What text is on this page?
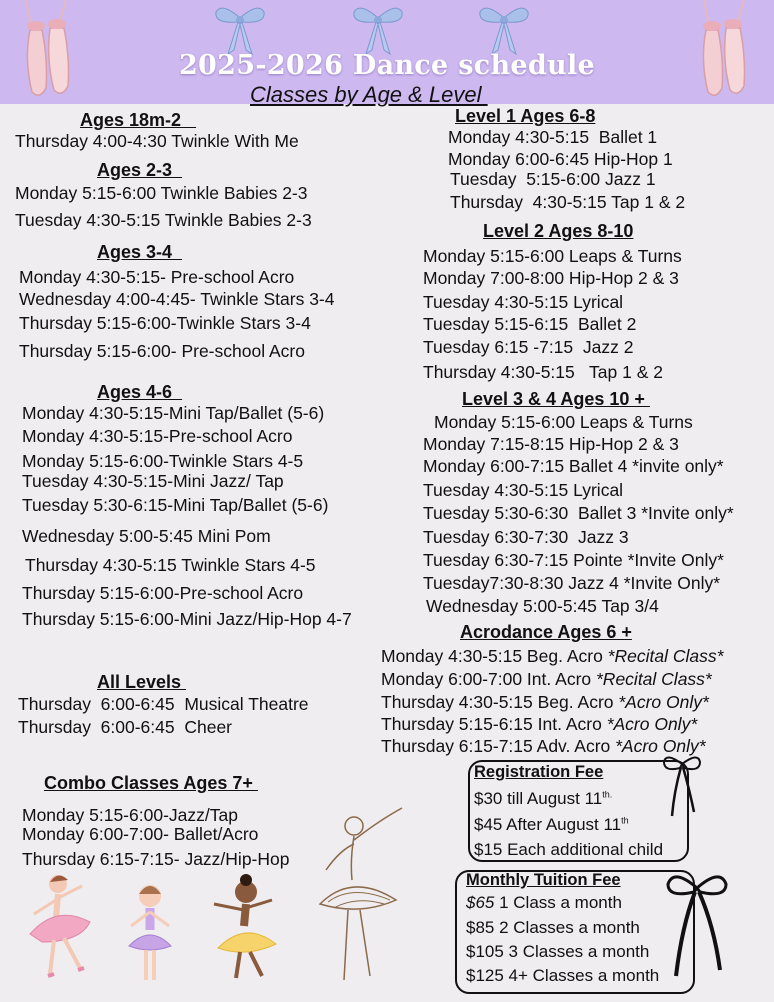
2025-2026 Dance schedule
Classes by Age & Level
Ages 18m-2
Thursday 4:00-4:30 Twinkle With Me
Ages 2-3
Monday 5:15-6:00 Twinkle Babies 2-3
Tuesday 4:30-5:15 Twinkle Babies 2-3
Ages 3-4
Monday 4:30-5:15- Pre-school Acro
Wednesday 4:00-4:45- Twinkle Stars 3-4
Thursday 5:15-6:00-Twinkle Stars 3-4
Thursday 5:15-6:00- Pre-school Acro
Ages 4-6
Monday 4:30-5:15-Mini Tap/Ballet (5-6)
Monday 4:30-5:15-Pre-school Acro
Monday 5:15-6:00-Twinkle Stars 4-5
Tuesday 4:30-5:15-Mini Jazz/ Tap
Tuesday 5:30-6:15-Mini Tap/Ballet (5-6)
Wednesday 5:00-5:45 Mini Pom
Thursday 4:30-5:15 Twinkle Stars 4-5
Thursday 5:15-6:00-Pre-school Acro
Thursday 5:15-6:00-Mini Jazz/Hip-Hop 4-7
All Levels
Thursday  6:00-6:45  Musical Theatre
Thursday  6:00-6:45  Cheer
Combo Classes Ages 7+
Monday 5:15-6:00-Jazz/Tap
Monday 6:00-7:00- Ballet/Acro
Thursday 6:15-7:15- Jazz/Hip-Hop
Level 1 Ages 6-8
Monday 4:30-5:15  Ballet 1
Monday 6:00-6:45 Hip-Hop 1
Tuesday  5:15-6:00 Jazz 1
Thursday  4:30-5:15 Tap 1 & 2
Level 2 Ages 8-10
Monday 5:15-6:00 Leaps & Turns
Monday 7:00-8:00 Hip-Hop 2 & 3
Tuesday 4:30-5:15 Lyrical
Tuesday 5:15-6:15  Ballet 2
Tuesday 6:15 -7:15  Jazz 2
Thursday 4:30-5:15   Tap 1 & 2
Level 3 & 4 Ages 10 +
Monday 5:15-6:00 Leaps & Turns
Monday 7:15-8:15 Hip-Hop 2 & 3
Monday 6:00-7:15 Ballet 4 *invite only*
Tuesday 4:30-5:15 Lyrical
Tuesday 5:30-6:30  Ballet 3 *Invite only*
Tuesday 6:30-7:30  Jazz 3
Tuesday 6:30-7:15 Pointe *Invite Only*
Tuesday7:30-8:30 Jazz 4 *Invite Only*
Wednesday 5:00-5:45 Tap 3/4
Acrodance Ages 6 +
Monday 4:30-5:15 Beg. Acro *Recital Class*
Monday 6:00-7:00 Int. Acro *Recital Class*
Thursday 4:30-5:15 Beg. Acro *Acro Only*
Thursday 5:15-6:15 Int. Acro *Acro Only*
Thursday 6:15-7:15 Adv. Acro *Acro Only*
Registration Fee
$30 till August $11^{th.}$
$45 After August 11th
$15 Each additional child
Monthly Tuition Fee
$65 1 Class a month
$85 2 Classes a month
$105 3 Classes a month
$125 4+ Classes a month
